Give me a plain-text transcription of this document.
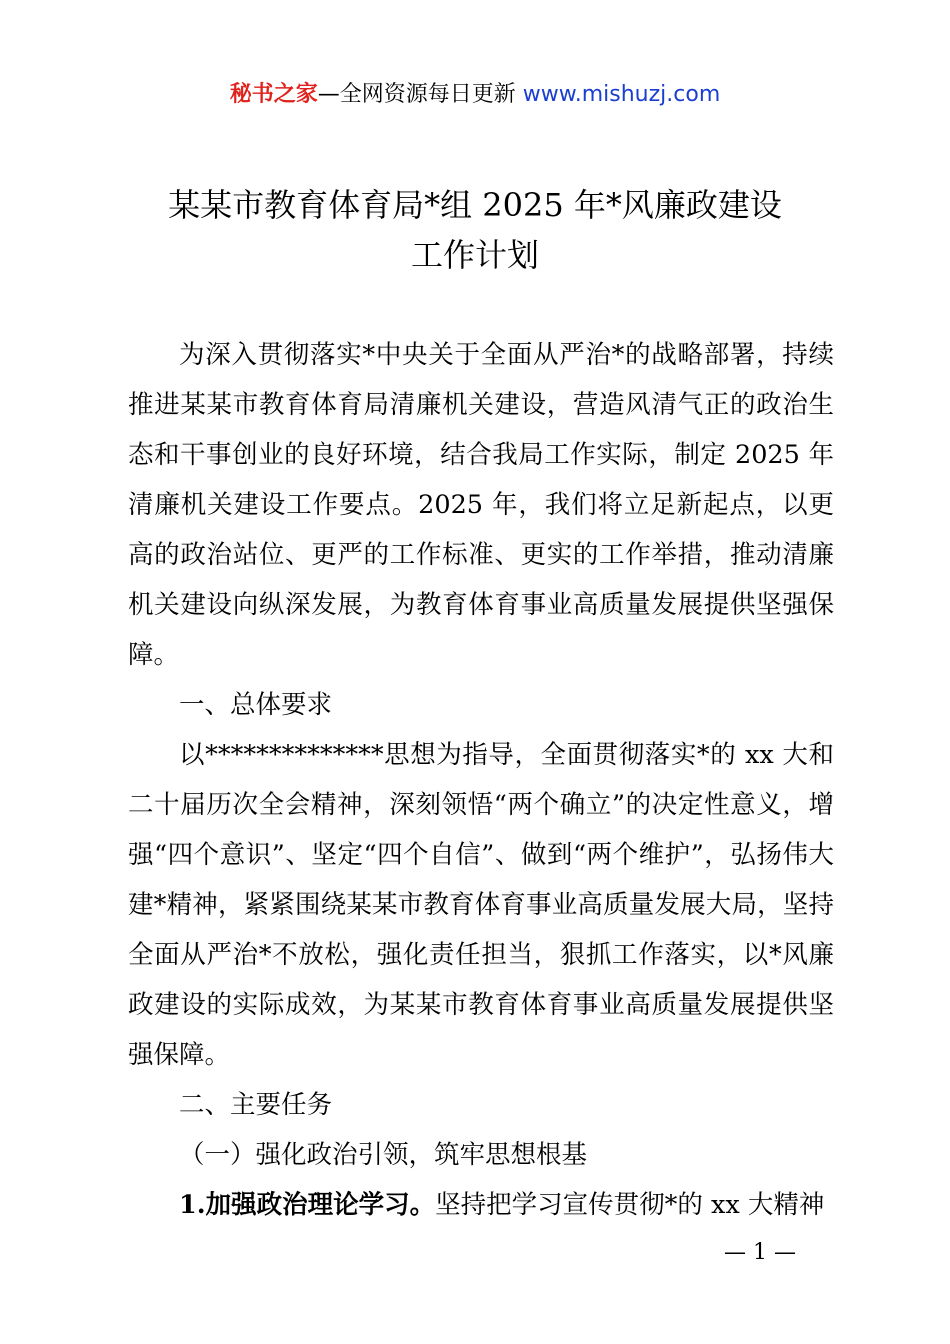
秘书之家—全网资源每日更新 www.mishuzj.com
某某市教育体育局*组 2025 年*风廉政建设
工作计划

为深入贯彻落实*中央关于全面从严治*的战略部署，持续推进某某市教育体育局清廉机关建设，营造风清气正的政治生态和干事创业的良好环境，结合我局工作实际，制定 2025 年清廉机关建设工作要点。2025 年，我们将立足新起点，以更高的政治站位、更严的工作标准、更实的工作举措，推动清廉机关建设向纵深发展，为教育体育事业高质量发展提供坚强保障。

一、总体要求

以**************思想为指导，全面贯彻落实*的 xx 大和二十届历次全会精神，深刻领悟“两个确立”的决定性意义，增强“四个意识”、坚定“四个自信”、做到“两个维护”，弘扬伟大建*精神，紧紧围绕某某市教育体育事业高质量发展大局，坚持全面从严治*不放松，强化责任担当，狠抓工作落实，以*风廉政建设的实际成效，为某某市教育体育事业高质量发展提供坚强保障。

二、主要任务

（一）强化政治引领，筑牢思想根基

1.加强政治理论学习。坚持把学习宣传贯彻*的 xx 大精神

— 1 —
